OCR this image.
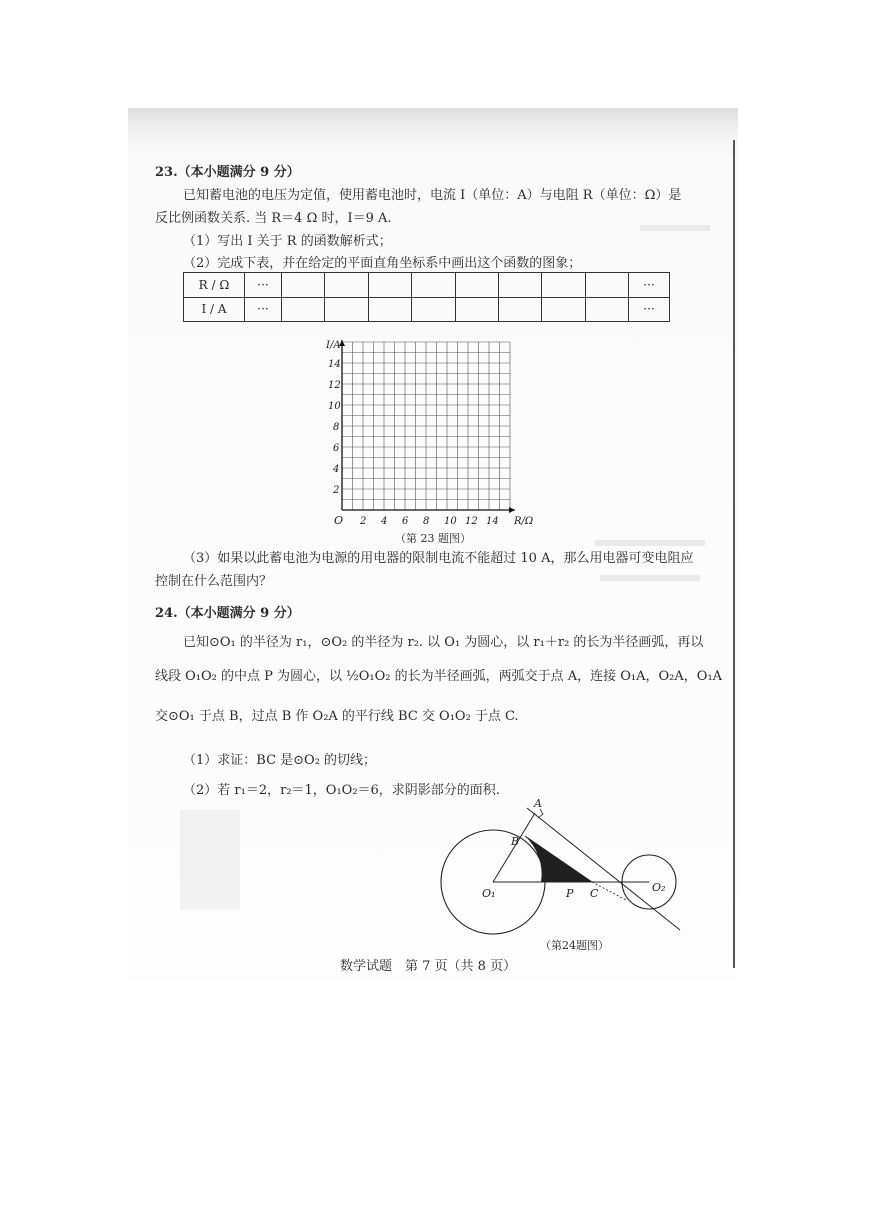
23.（本小题满分 9 分）
已知蓄电池的电压为定值，使用蓄电池时，电流 I（单位：A）与电阻 R（单位：Ω）是
反比例函数关系. 当 R＝4 Ω 时，I＝9 A.
（1）写出 I 关于 R 的函数解析式；
（2）完成下表，并在给定的平面直角坐标系中画出这个函数的图象；
R / Ω	···									···
I / A	···									···
2 4 6 8 10 12 14
14
12
10
8
6
4
2
I/A
R/Ω
O
（第 23 题图）
（3）如果以此蓄电池为电源的用电器的限制电流不能超过 10 A，那么用电器可变电阻应
控制在什么范围内？
24.（本小题满分 9 分）
已知⊙O₁ 的半径为 r₁，⊙O₂ 的半径为 r₂. 以 O₁ 为圆心，以 r₁＋r₂ 的长为半径画弧，再以
线段 O₁O₂ 的中点 P 为圆心，以 ½O₁O₂ 的长为半径画弧，两弧交于点 A，连接 O₁A，O₂A，O₁A
交⊙O₁ 于点 B，过点 B 作 O₂A 的平行线 BC 交 O₁O₂ 于点 C.
（1）求证：BC 是⊙O₂ 的切线；
（2）若 r₁＝2，r₂＝1，O₁O₂＝6，求阴影部分的面积.
A
B
O₁	P C	O₂
（第24题图）
数学试题　第 7 页（共 8 页）
